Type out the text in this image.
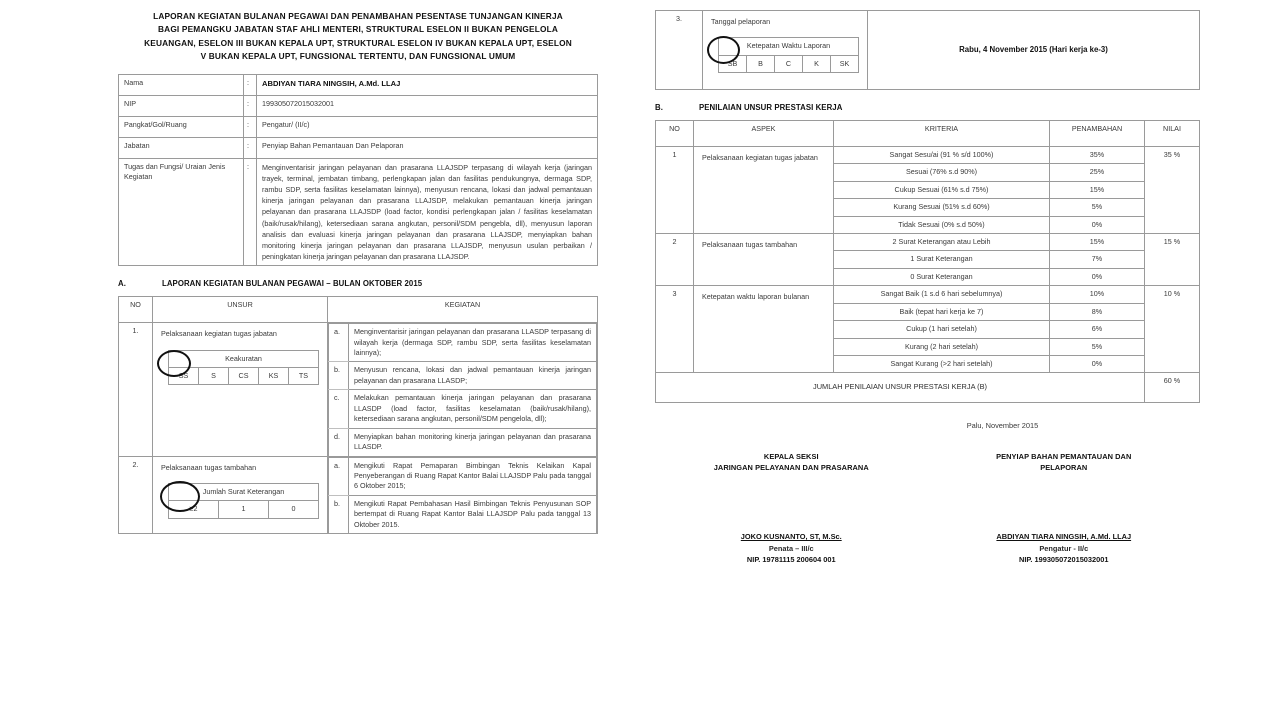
LAPORAN KEGIATAN BULANAN PEGAWAI DAN PENAMBAHAN PESENTASE TUNJANGAN KINERJA
BAGI PEMANGKU JABATAN STAF AHLI MENTERI, STRUKTURAL ESELON II BUKAN PENGELOLA
KEUANGAN, ESELON III BUKAN KEPALA UPT, STRUKTURAL ESELON IV BUKAN KEPALA UPT, ESELON
V BUKAN KEPALA UPT, FUNGSIONAL TERTENTU, DAN FUNGSIONAL UMUM
Nama	:	ABDIYAN TIARA NINGSIH, A.Md. LLAJ
NIP	:	199305072015032001
Pangkat/Gol/Ruang	:	Pengatur/ (II/c)
Jabatan	:	Penyiap Bahan Pemantauan Dan Pelaporan
Tugas dan Fungsi/ Uraian Jenis Kegiatan	:	Menginventarisir jaringan pelayanan dan prasarana LLAJSDP terpasang di wilayah kerja (jaringan trayek, terminal, jembatan timbang, perlengkapan jalan dan fasilitas pendukungnya, dermaga SDP, rambu SDP, serta fasilitas keselamatan lainnya), menyusun rencana, lokasi dan jadwal pemantauan kinerja jaringan pelayanan dan prasarana LLAJSDP, melakukan pemantauan kinerja jaringan pelayanan dan prasarana LLAJSDP (load factor, kondisi perlengkapan jalan / fasilitas keselamatan (baik/rusak/hilang), ketersediaan sarana angkutan, personil/SDM pengebla, dll), menyusun laporan analisis dan evaluasi kinerja jaringan pelayanan dan prasarana LLAJSDP, menyiapkan bahan monitoring kinerja jaringan pelayanan dan prasarana LLAJSDP, menyusun usulan perbaikan / peningkatan kinerja jaringan pelayanan dan prasarana LLAJSDP.
A.	LAPORAN KEGIATAN BULANAN PEGAWAI – BULAN OKTOBER 2015
NO	UNSUR	KEGIATAN
1.	Pelaksanaan kegiatan tugas jabatan
Keakuratan
SS	S	CS	KS	TS

a.	Menginventarisir jaringan pelayanan dan prasarana LLASDP terpasang di wilayah kerja (dermaga SDP, rambu SDP, serta fasilitas keselamatan lainnya);
b.	Menyusun rencana, lokasi dan jadwal pemantauan kinerja jaringan pelayanan dan prasarana LLASDP;
c.	Melakukan pemantauan kinerja jaringan pelayanan dan prasarana LLASDP (load factor, fasilitas keselamatan (baik/rusak/hilang), ketersediaan sarana angkutan, personil/SDM pengelola, dll);
d.	Menyiapkan bahan monitoring kinerja jaringan pelayanan dan prasarana LLASDP.

2.	Pelaksanaan tugas tambahan
Jumlah Surat Keterangan
≥2	1	0

a.	Mengikuti Rapat Pemaparan Bimbingan Teknis Kelaikan Kapal Penyeberangan di Ruang Rapat Kantor Balai LLAJSDP Palu pada tanggal 6 Oktober 2015;
b.	Mengikuti Rapat Pembahasan Hasil Bimbingan Teknis Penyusunan SOP bertempat di Ruang Rapat Kantor Balai LLAJSDP Palu pada tanggal 13 Oktober 2015.
3.	Tanggal pelaporan
Ketepatan Waktu Laporan
SB	B	C	K	SK
	Rabu, 4 November 2015 (Hari kerja ke-3)
B.	PENILAIAN UNSUR PRESTASI KERJA
NO	ASPEK	KRITERIA	PENAMBAHAN	NILAI
1	Pelaksanaan kegiatan tugas jabatan	Sangat Sesu/ai (91 % s/d 100%)	35%	35 %
		Sesuai (76% s.d 90%)	25%	
		Cukup Sesuai (61% s.d 75%)	15%	
		Kurang Sesuai (51% s.d 60%)	5%	
		Tidak Sesuai (0% s.d 50%)	0%	
2	Pelaksanaan tugas tambahan	2 Surat Keterangan atau Lebih	15%	15 %
		1 Surat Keterangan	7%	
		0 Surat Keterangan	0%	
3	Ketepatan waktu laporan bulanan	Sangat Baik (1 s.d 6 hari sebelumnya)	10%	10 %
		Baik (tepat hari kerja ke 7)	8%	
		Cukup (1 hari setelah)	6%	
		Kurang (2 hari setelah)	5%	
		Sangat Kurang (>2 hari setelah)	0%	
JUMLAH PENILAIAN UNSUR PRESTASI KERJA (B)				60 %
Palu, November 2015
KEPALA SEKSI
JARINGAN PELAYANAN DAN PRASARANA
JOKO KUSNANTO, ST, M.Sc.
Penata – III/c
NIP. 19781115 200604 001
PENYIAP BAHAN PEMANTAUAN DAN
PELAPORAN
ABDIYAN TIARA NINGSIH, A.Md. LLAJ
Pengatur - II/c
NIP. 199305072015032001
